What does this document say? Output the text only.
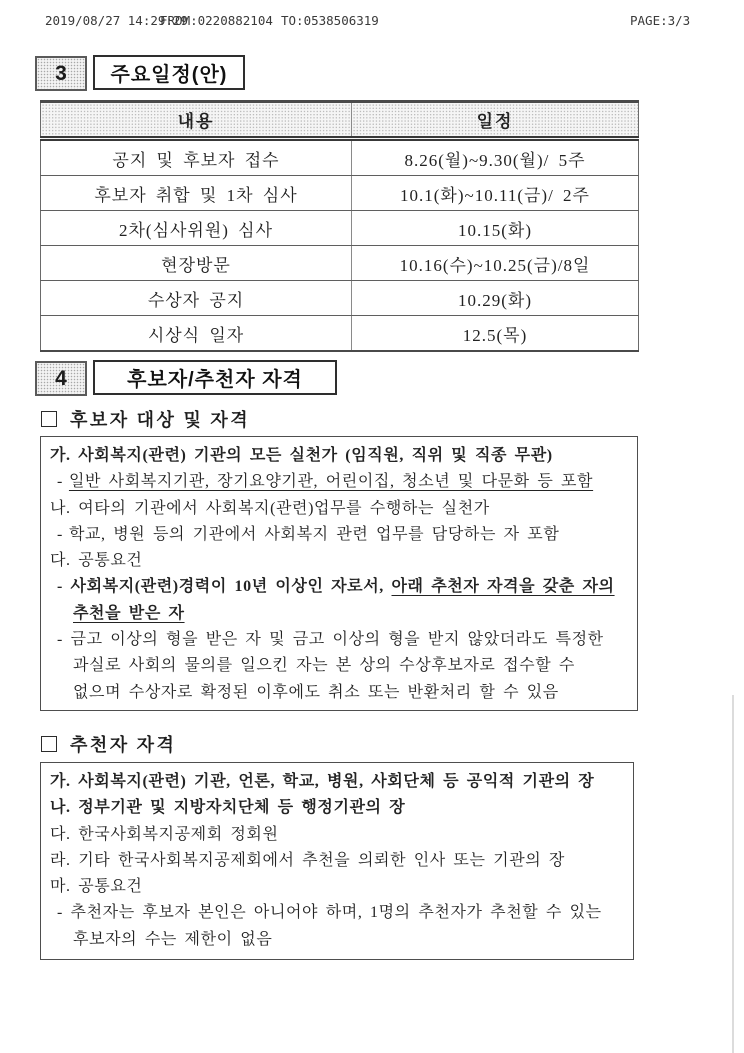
2019/08/27 14:29:29
FROM:0220882104 TO:0538506319	PAGE:3/3
3 주요일정(안)
내용	일정
공지 및 후보자 접수	8.26(월)~9.30(월)/ 5주
후보자 취합 및 1차 심사	10.1(화)~10.11(금)/ 2주
2차(심사위원) 심사	10.15(화)
현장방문	10.16(수)~10.25(금)/8일
수상자 공지	10.29(화)
시상식 일자	12.5(목)
4	후보자/추천자 자격
후보자 대상 및 자격
가. 사회복지(관련) 기관의 모든 실천가 (임직원, 직위 및 직종 무관)
- 일반 사회복지기관, 장기요양기관, 어린이집, 청소년 및 다문화 등 포함
나. 여타의 기관에서 사회복지(관련)업무를 수행하는 실천가
- 학교, 병원 등의 기관에서 사회복지 관련 업무를 담당하는 자 포함
다. 공통요건
- 사회복지(관련)경력이 10년 이상인 자로서, 아래 추천자 자격을 갖춘 자의
추천을 받은 자
- 금고 이상의 형을 받은 자 및 금고 이상의 형을 받지 않았더라도 특정한
과실로 사회의 물의를 일으킨 자는 본 상의 수상후보자로 접수할 수
없으며 수상자로 확정된 이후에도 취소 또는 반환처리 할 수 있음
추천자 자격
가. 사회복지(관련) 기관, 언론, 학교, 병원, 사회단체 등 공익적 기관의 장
나. 정부기관 및 지방자치단체 등 행정기관의 장
다. 한국사회복지공제회 정회원
라. 기타 한국사회복지공제회에서 추천을 의뢰한 인사 또는 기관의 장
마. 공통요건
- 추천자는 후보자 본인은 아니어야 하며, 1명의 추천자가 추천할 수 있는
후보자의 수는 제한이 없음
